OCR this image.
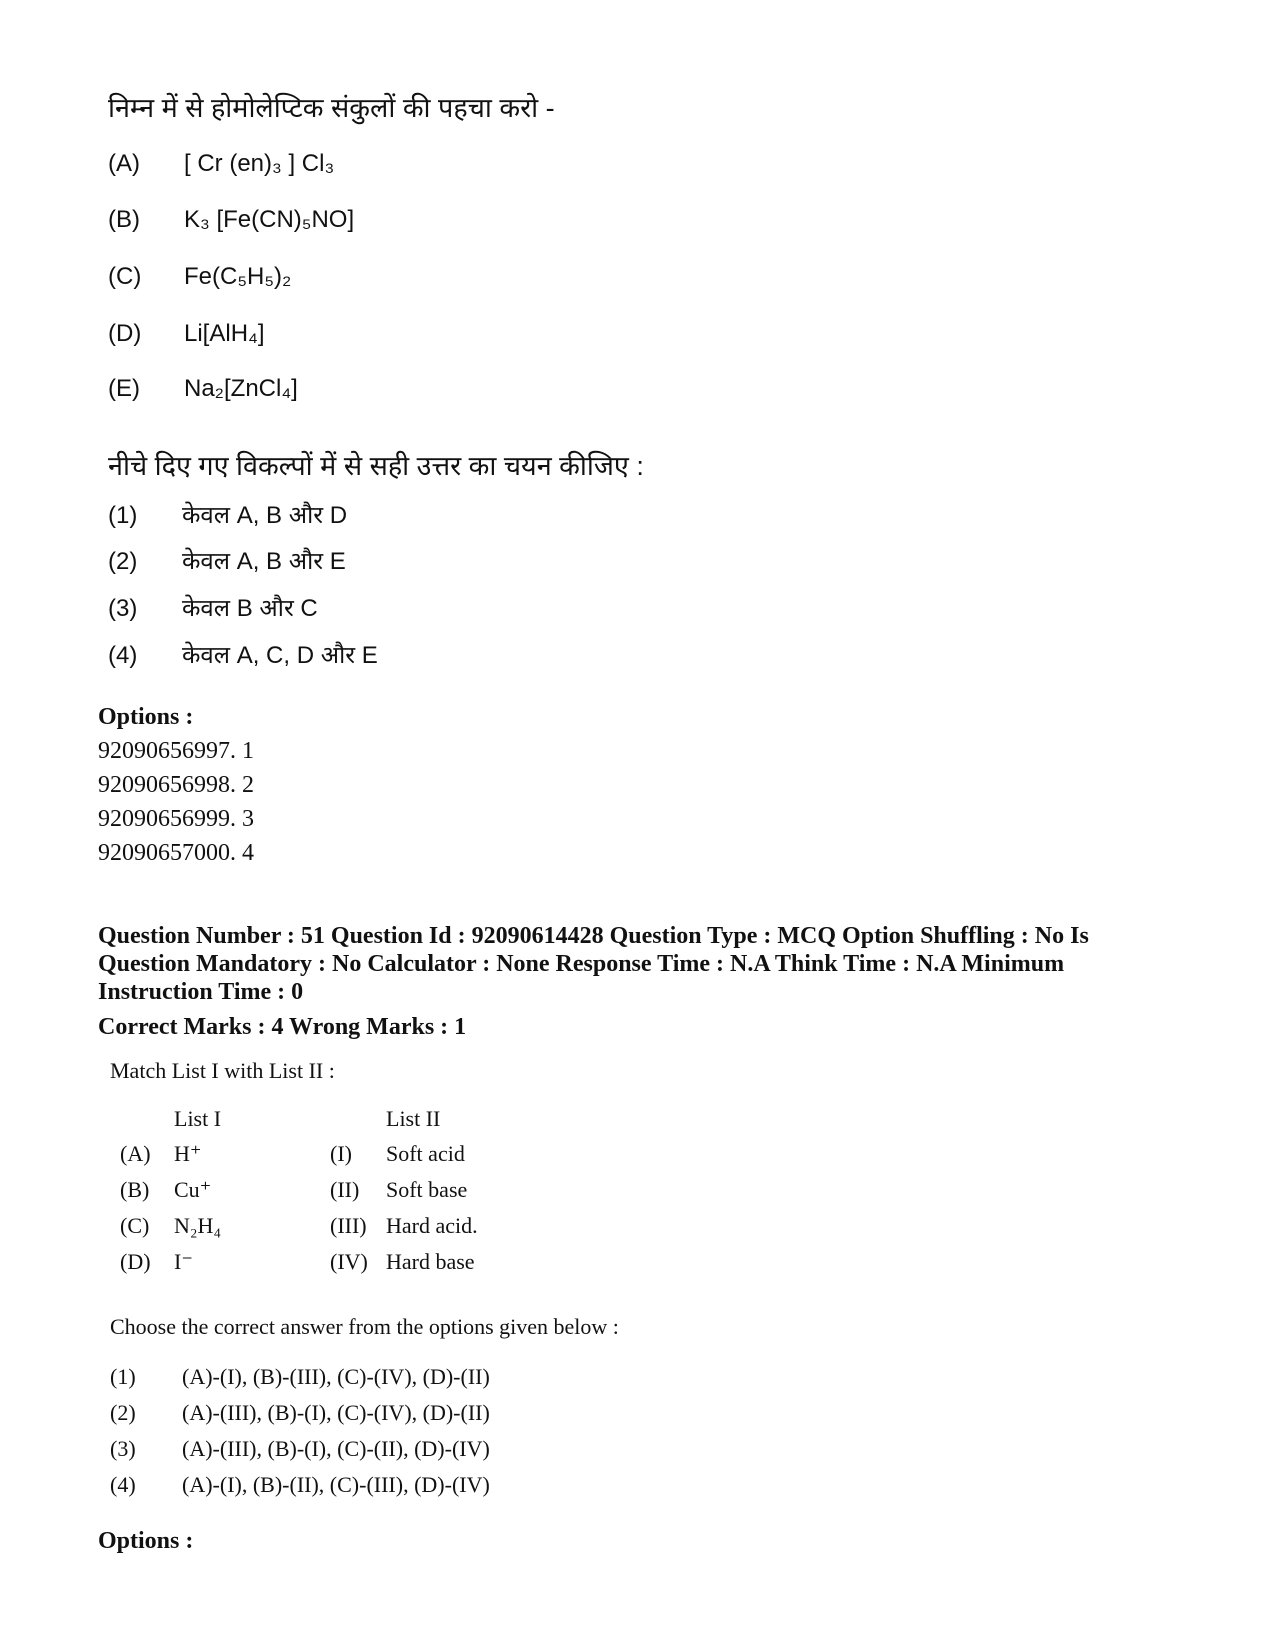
निम्न में से होमोलेप्टिक संकुलों की पहचा करो -
(A) [ Cr (en)₃ ] Cl₃
(B) K₃ [Fe(CN)₅NO]
(C) Fe(C₅H₅)₂
(D) Li[AlH₄]
(E) Na₂[ZnCl₄]
नीचे दिए गए विकल्पों में से सही उत्तर का चयन कीजिए :
(1) केवल A, B और D
(2) केवल A, B और E
(3) केवल B और C
(4) केवल A, C, D और E
Options :
92090656997. 1
92090656998. 2
92090656999. 3
92090657000. 4
Question Number : 51 Question Id : 92090614428 Question Type : MCQ Option Shuffling : No Is Question Mandatory : No Calculator : None Response Time : N.A Think Time : N.A Minimum Instruction Time : 0
Correct Marks : 4 Wrong Marks : 1
Match List I with List II :
List I	List II
(A) H⁺	(I) Soft acid
(B) Cu⁺	(II) Soft base
(C) N₂H₄	(III) Hard acid.
(D) I⁻	(IV) Hard base
Choose the correct answer from the options given below :
(1) (A)-(I), (B)-(III), (C)-(IV), (D)-(II)
(2) (A)-(III), (B)-(I), (C)-(IV), (D)-(II)
(3) (A)-(III), (B)-(I), (C)-(II), (D)-(IV)
(4) (A)-(I), (B)-(II), (C)-(III), (D)-(IV)
Options :
